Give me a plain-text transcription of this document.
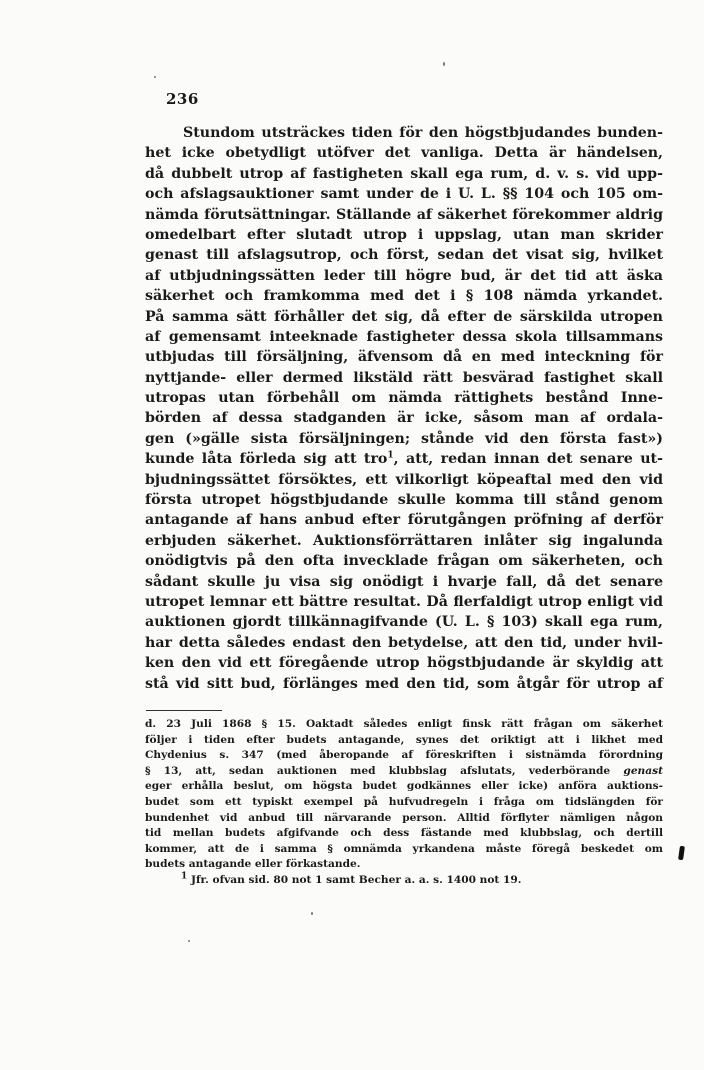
236
Stundom utsträckes tiden för den högstbjudandes bunden-
het icke obetydligt utöfver det vanliga. Detta är händelsen,
då dubbelt utrop af fastigheten skall ega rum, d. v. s. vid upp-
och afslagsauktioner samt under de i U. L. §§ 104 och 105 om-
nämda förutsättningar. Ställande af säkerhet förekommer aldrig
omedelbart efter slutadt utrop i uppslag, utan man skrider
genast till afslagsutrop, och först, sedan det visat sig, hvilket
af utbjudningssätten leder till högre bud, är det tid att äska
säkerhet och framkomma med det i § 108 nämda yrkandet.
På samma sätt förhåller det sig, då efter de särskilda utropen
af gemensamt inteeknade fastigheter dessa skola tillsammans
utbjudas till försäljning, äfvensom då en med inteckning för
nyttjande- eller dermed likstäld rätt besvärad fastighet skall
utropas utan förbehåll om nämda rättighets bestånd Inne-
börden af dessa stadganden är icke, såsom man af ordala-
gen (»gälle sista försäljningen; stånde vid den första fast»)
kunde låta förleda sig att tro$^1$, att, redan innan det senare ut-
bjudningssättet försöktes, ett vilkorligt köpeaftal med den vid
första utropet högstbjudande skulle komma till stånd genom
antagande af hans anbud efter förutgången pröfning af derför
erbjuden säkerhet. Auktionsförrättaren inlåter sig ingalunda
onödigtvis på den ofta invecklade frågan om säkerheten, och
sådant skulle ju visa sig onödigt i hvarje fall, då det senare
utropet lemnar ett bättre resultat. Då flerfaldigt utrop enligt vid
auktionen gjordt tillkännagifvande (U. L. § 103) skall ega rum,
har detta således endast den betydelse, att den tid, under hvil-
ken den vid ett föregående utrop högstbjudande är skyldig att
stå vid sitt bud, förlänges med den tid, som åtgår för utrop af
d. 23 Juli 1868 § 15. Oaktadt således enligt finsk rätt frågan om säkerhet
följer i tiden efter budets antagande, synes det oriktigt att i likhet med
Chydenius s. 347 (med åberopande af föreskriften i sistnämda förordning
§ 13, att, sedan auktionen med klubbslag afslutats, vederbörande genast
eger erhålla beslut, om högsta budet godkännes eller icke) anföra auktions-
budet som ett typiskt exempel på hufvudregeln i fråga om tidslängden för
bundenhet vid anbud till närvarande person. Alltid förflyter nämligen någon
tid mellan budets afgifvande och dess fästande med klubbslag, och dertill
kommer, att de i samma § omnämda yrkandena måste föregå beskedet om
budets antagande eller förkastande.
$^1$ Jfr. ofvan sid. 80 not 1 samt Becher a. a. s. 1400 not 19.
